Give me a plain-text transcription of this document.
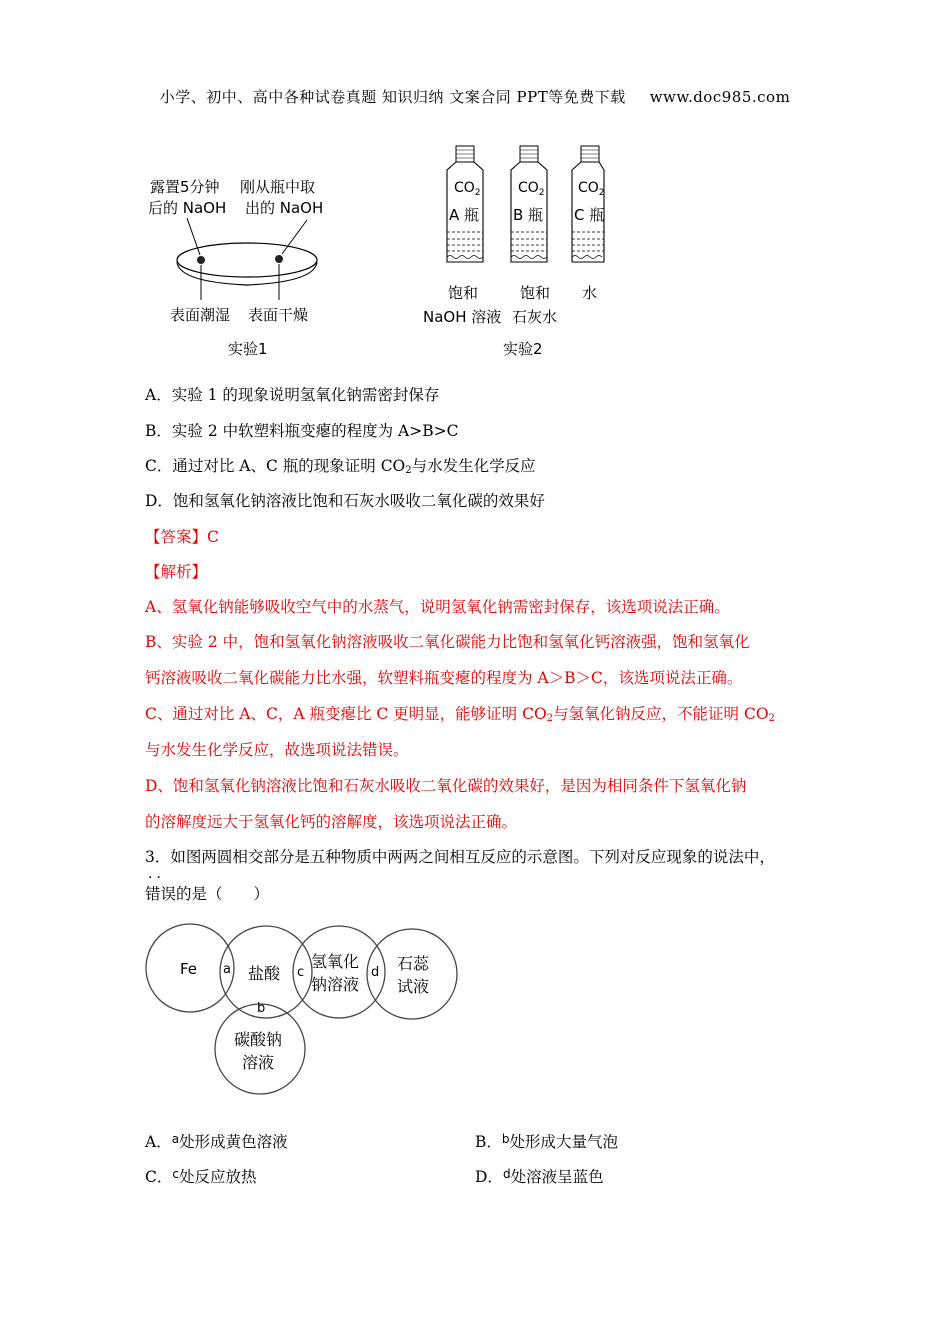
小学、初中、高中各种试卷真题 知识归纳 文案合同 PPT等免费下载 www.doc985.com
露置5分钟
后的 NaOH
刚从瓶中取
出的 NaOH
表面潮湿 表面干燥
实验1
$CO_2$
A 瓶
$CO_2$
B 瓶
$CO_2$
C 瓶
饱和
NaOH 溶液
饱和
石灰水
水
实验2
A．实验 1 的现象说明氢氧化钠需密封保存
B．实验 2 中软塑料瓶变瘪的程度为 A>B>C
C．通过对比 A、C 瓶的现象证明 $CO_2$与水发生化学反应
D．饱和氢氧化钠溶液比饱和石灰水吸收二氧化碳的效果好
【答案】C
【解析】
A、氢氧化钠能够吸收空气中的水蒸气，说明氢氧化钠需密封保存，该选项说法正确。
B、实验 2 中，饱和氢氧化钠溶液吸收二氧化碳能力比饱和氢氧化钙溶液强，饱和氢氧化
钙溶液吸收二氧化碳能力比水强，软塑料瓶变瘪的程度为 A＞B＞C，该选项说法正确。
C、通过对比 A、C，A 瓶变瘪比 C 更明显，能够证明 $CO_2$与氢氧化钠反应，不能证明 $CO_2$
与水发生化学反应，故选项说法错误。
D、饱和氢氧化钠溶液比饱和石灰水吸收二氧化碳的效果好，是因为相同条件下氢氧化钠
的溶解度远大于氢氧化钙的溶解度，该选项说法正确。
3．如图两圆相交部分是五种物质中两两之间相互反应的示意图。下列对反应现象的说法中，
··
错误的是（　　）
Fe	盐酸
氢氧化
钠溶液
石蕊
试液
碳酸钠
溶液
a
b
c	d
A．$^a$处形成黄色溶液	B．$^b$处形成大量气泡
C．$^c$处反应放热	D．$^d$处溶液呈蓝色
